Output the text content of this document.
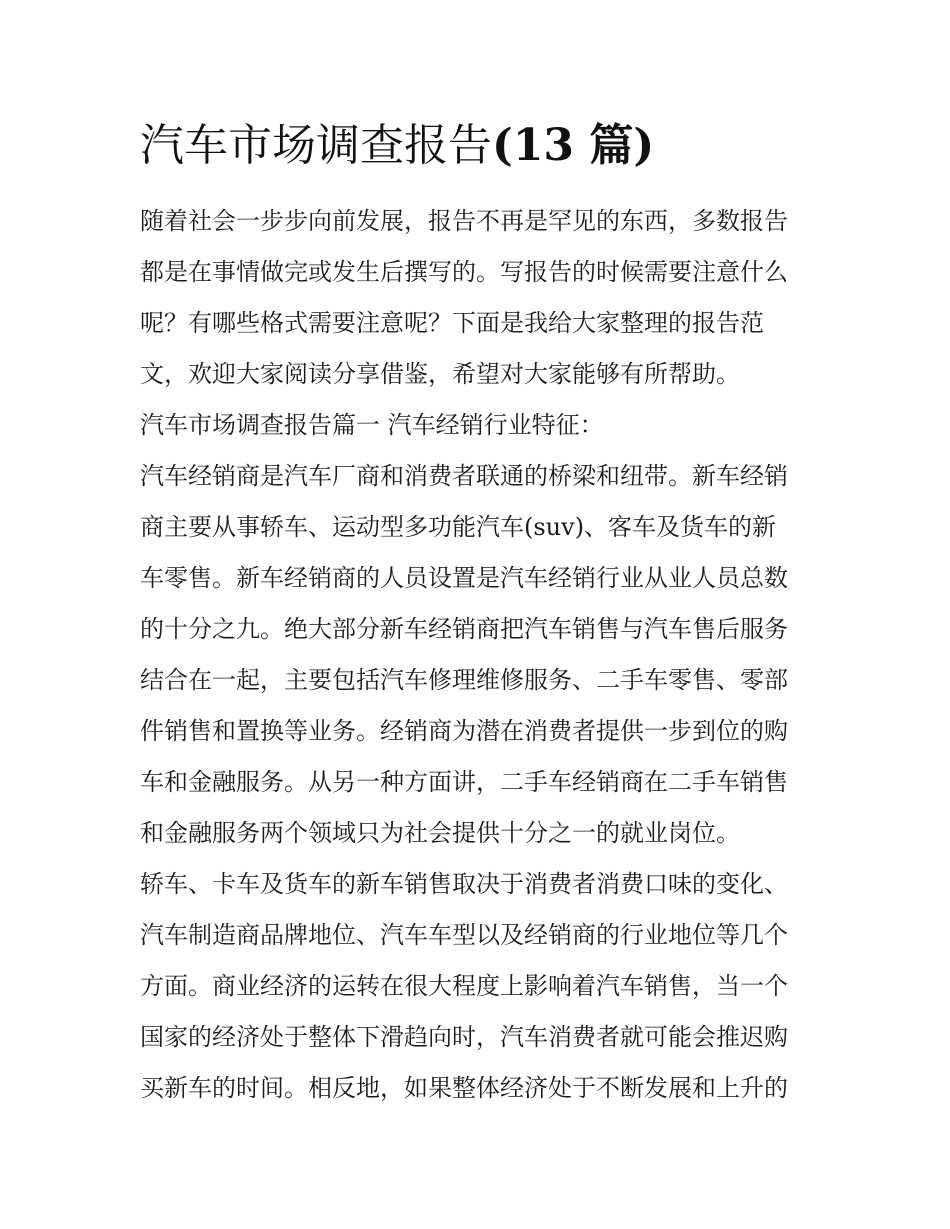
汽车市场调查报告(13 篇)

随着社会一步步向前发展，报告不再是罕见的东西，多数报告

都是在事情做完或发生后撰写的。写报告的时候需要注意什么

呢？有哪些格式需要注意呢？下面是我给大家整理的报告范

文，欢迎大家阅读分享借鉴，希望对大家能够有所帮助。

汽车市场调查报告篇一 汽车经销行业特征：

汽车经销商是汽车厂商和消费者联通的桥梁和纽带。新车经销

商主要从事轿车、运动型多功能汽车(suv)、客车及货车的新

车零售。新车经销商的人员设置是汽车经销行业从业人员总数

的十分之九。绝大部分新车经销商把汽车销售与汽车售后服务

结合在一起，主要包括汽车修理维修服务、二手车零售、零部

件销售和置换等业务。经销商为潜在消费者提供一步到位的购

车和金融服务。从另一种方面讲，二手车经销商在二手车销售

和金融服务两个领域只为社会提供十分之一的就业岗位。

轿车、卡车及货车的新车销售取决于消费者消费口味的变化、

汽车制造商品牌地位、汽车车型以及经销商的行业地位等几个

方面。商业经济的运转在很大程度上影响着汽车销售，当一个

国家的经济处于整体下滑趋向时，汽车消费者就可能会推迟购

买新车的时间。相反地，如果整体经济处于不断发展和上升的
